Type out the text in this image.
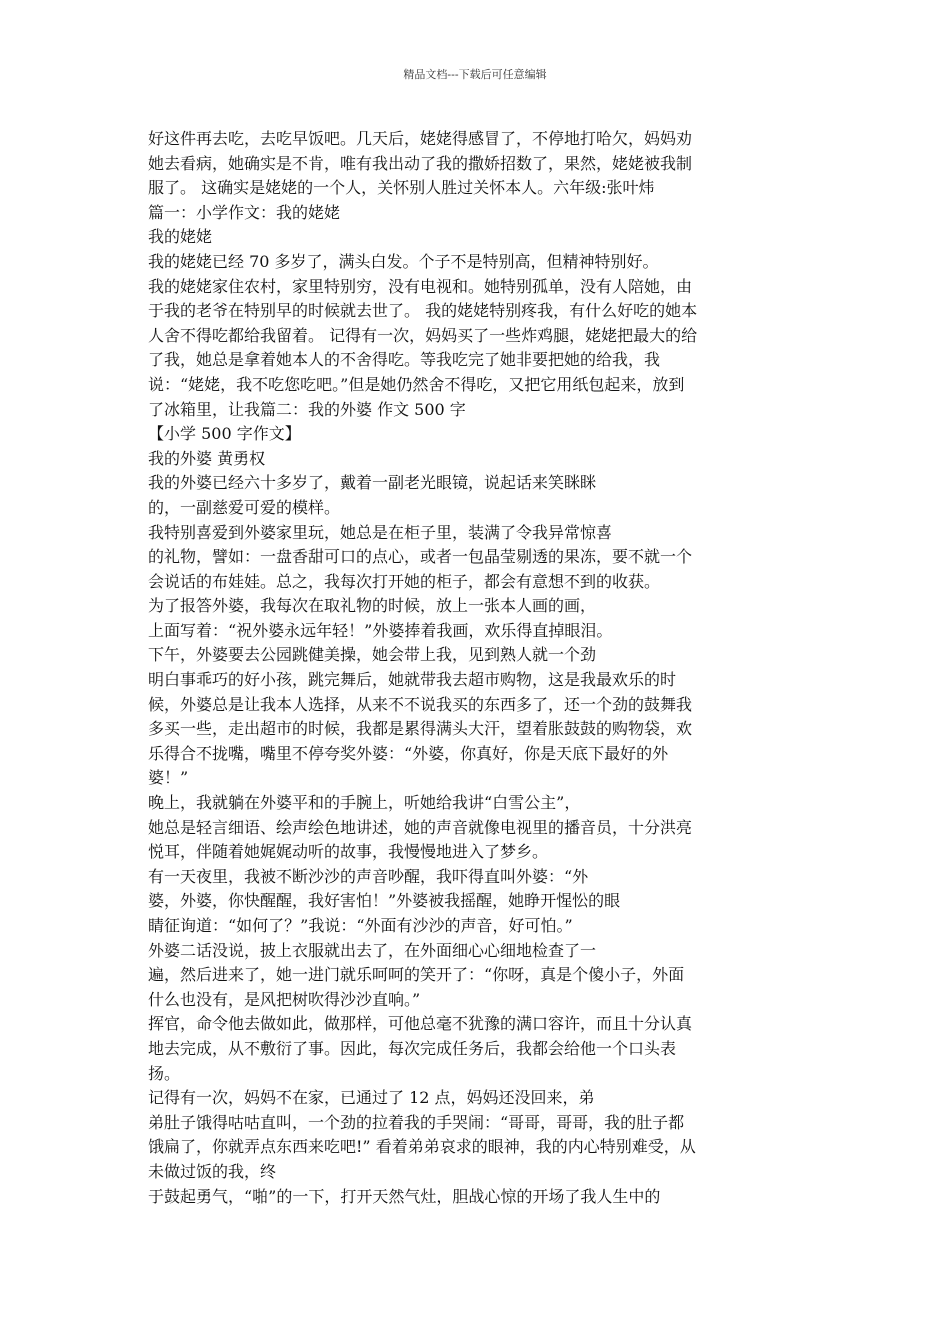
精品文档---下载后可任意编辑
好这件再去吃，去吃早饭吧。几天后，姥姥得感冒了，不停地打哈欠，妈妈劝
她去看病，她确实是不肯，唯有我出动了我的撒娇招数了，果然，姥姥被我制
服了。 这确实是姥姥的一个人，关怀别人胜过关怀本人。六年级:张叶炜
篇一：小学作文：我的姥姥
我的姥姥
我的姥姥已经 70 多岁了，满头白发。个子不是特别高，但精神特别好。
我的姥姥家住农村，家里特别穷，没有电视和。她特别孤单，没有人陪她，由
于我的老爷在特别早的时候就去世了。 我的姥姥特别疼我，有什么好吃的她本
人舍不得吃都给我留着。 记得有一次，妈妈买了一些炸鸡腿，姥姥把最大的给
了我，她总是拿着她本人的不舍得吃。等我吃完了她非要把她的给我，我
说：“姥姥，我不吃您吃吧。”但是她仍然舍不得吃，又把它用纸包起来，放到
了冰箱里，让我篇二：我的外婆 作文 500 字
【小学 500 字作文】
我的外婆 黄勇权
我的外婆已经六十多岁了，戴着一副老光眼镜，说起话来笑眯眯
的，一副慈爱可爱的模样。
我特别喜爱到外婆家里玩，她总是在柜子里，装满了令我异常惊喜
的礼物，譬如：一盘香甜可口的点心，或者一包晶莹剔透的果冻，要不就一个
会说话的布娃娃。总之，我每次打开她的柜子，都会有意想不到的收获。
为了报答外婆，我每次在取礼物的时候，放上一张本人画的画，
上面写着：“祝外婆永远年轻！”外婆捧着我画，欢乐得直掉眼泪。
下午，外婆要去公园跳健美操，她会带上我，见到熟人就一个劲
明白事乖巧的好小孩，跳完舞后，她就带我去超市购物，这是我最欢乐的时
候，外婆总是让我本人选择，从来不不说我买的东西多了，还一个劲的鼓舞我
多买一些，走出超市的时候，我都是累得满头大汗，望着胀鼓鼓的购物袋，欢
乐得合不拢嘴，嘴里不停夸奖外婆：“外婆，你真好，你是天底下最好的外
婆！”
晚上，我就躺在外婆平和的手腕上，听她给我讲“白雪公主”，
她总是轻言细语、绘声绘色地讲述，她的声音就像电视里的播音员，十分洪亮
悦耳，伴随着她娓娓动听的故事，我慢慢地进入了梦乡。
有一天夜里，我被不断沙沙的声音吵醒，我吓得直叫外婆：“外
婆，外婆，你快醒醒，我好害怕！”外婆被我摇醒，她睁开惺忪的眼
睛征询道：“如何了？”我说：“外面有沙沙的声音，好可怕。”
外婆二话没说，披上衣服就出去了，在外面细心心细地检查了一
遍，然后进来了，她一进门就乐呵呵的笑开了：“你呀，真是个傻小子，外面
什么也没有，是风把树吹得沙沙直响。”
挥官，命令他去做如此，做那样，可他总毫不犹豫的满口容许，而且十分认真
地去完成，从不敷衍了事。因此，每次完成任务后，我都会给他一个口头表
扬。
记得有一次，妈妈不在家，已通过了 12 点，妈妈还没回来，弟
弟肚子饿得咕咕直叫，一个劲的拉着我的手哭闹：“哥哥，哥哥，我的肚子都
饿扁了，你就弄点东西来吃吧!” 看着弟弟哀求的眼神，我的内心特别难受，从
未做过饭的我，终
于鼓起勇气，“啪”的一下，打开天然气灶，胆战心惊的开场了我人生中的
